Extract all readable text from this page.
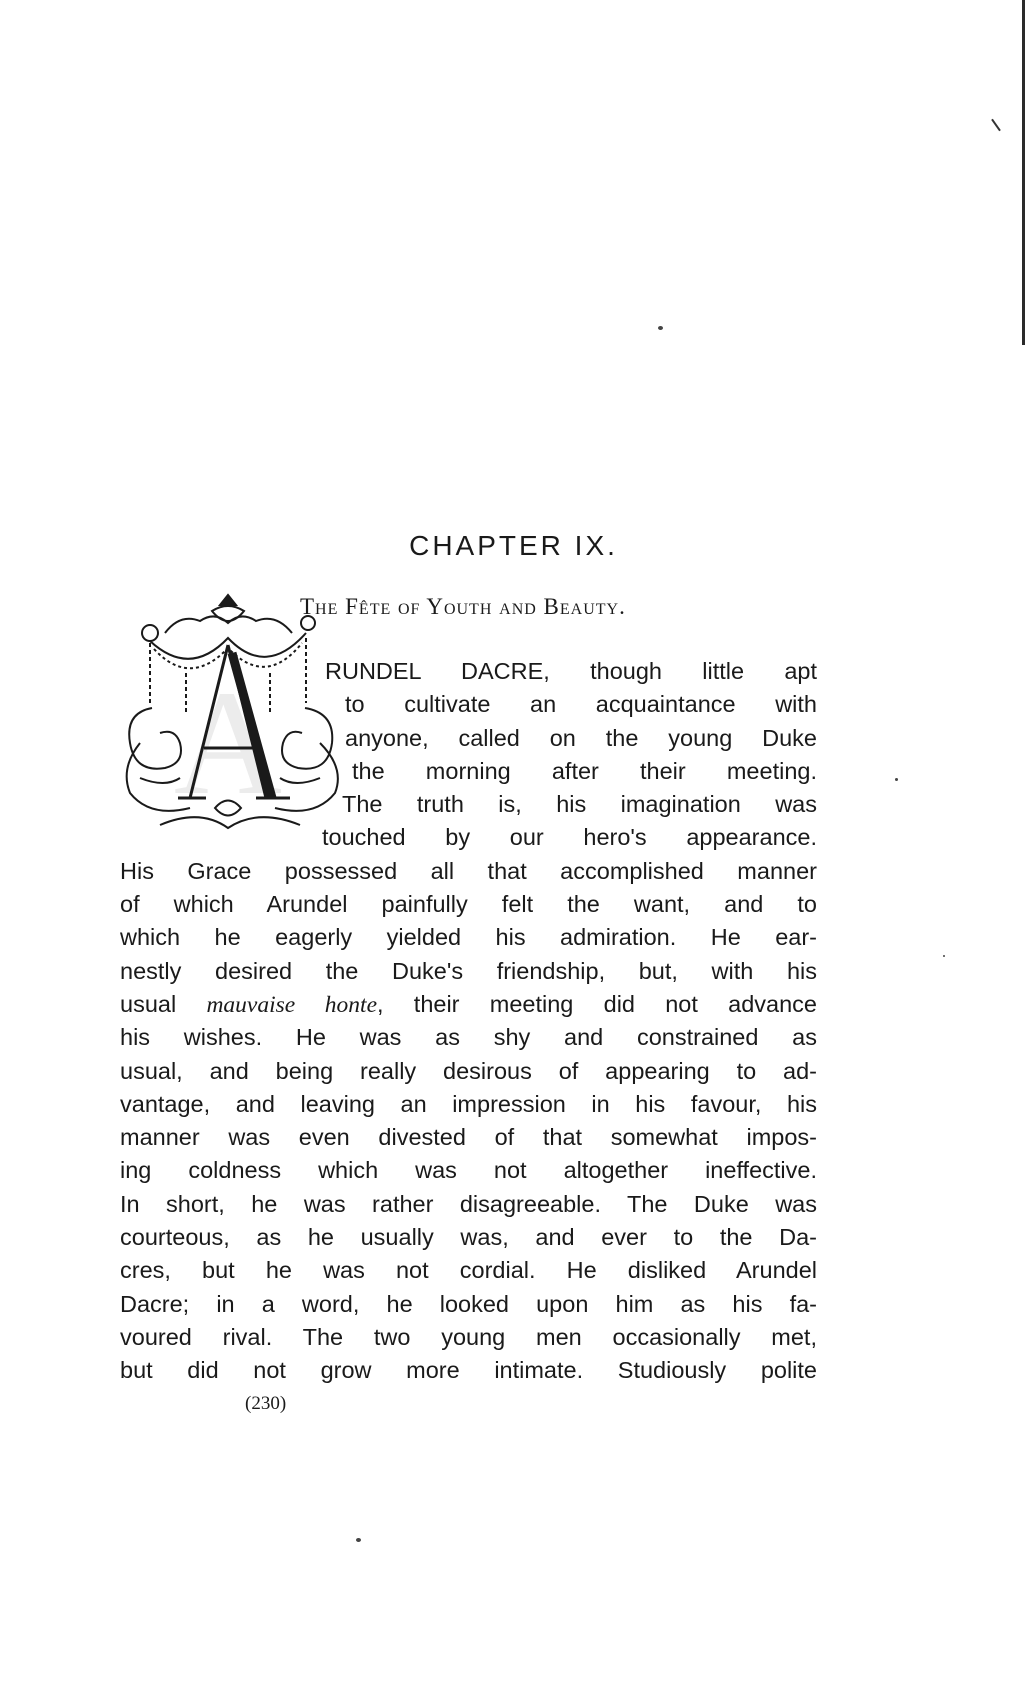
CHAPTER IX.
The Fête of Youth and Beauty.
A RUNDEL DACRE, though little apt
to cultivate an acquaintance with
anyone, called on the young Duke
the morning after their meeting.
The truth is, his imagination was
touched by our hero's appearance.
His Grace possessed all that accomplished manner
of which Arundel painfully felt the want, and to
which he eagerly yielded his admiration. He ear-
nestly desired the Duke's friendship, but, with his
usual mauvaise honte, their meeting did not advance
his wishes. He was as shy and constrained as
usual, and being really desirous of appearing to ad-
vantage, and leaving an impression in his favour, his
manner was even divested of that somewhat impos-
ing coldness which was not altogether ineffective.
In short, he was rather disagreeable. The Duke was
courteous, as he usually was, and ever to the Da-
cres, but he was not cordial. He disliked Arundel
Dacre; in a word, he looked upon him as his fa-
voured rival. The two young men occasionally met,
but did not grow more intimate. Studiously polite
(230)
